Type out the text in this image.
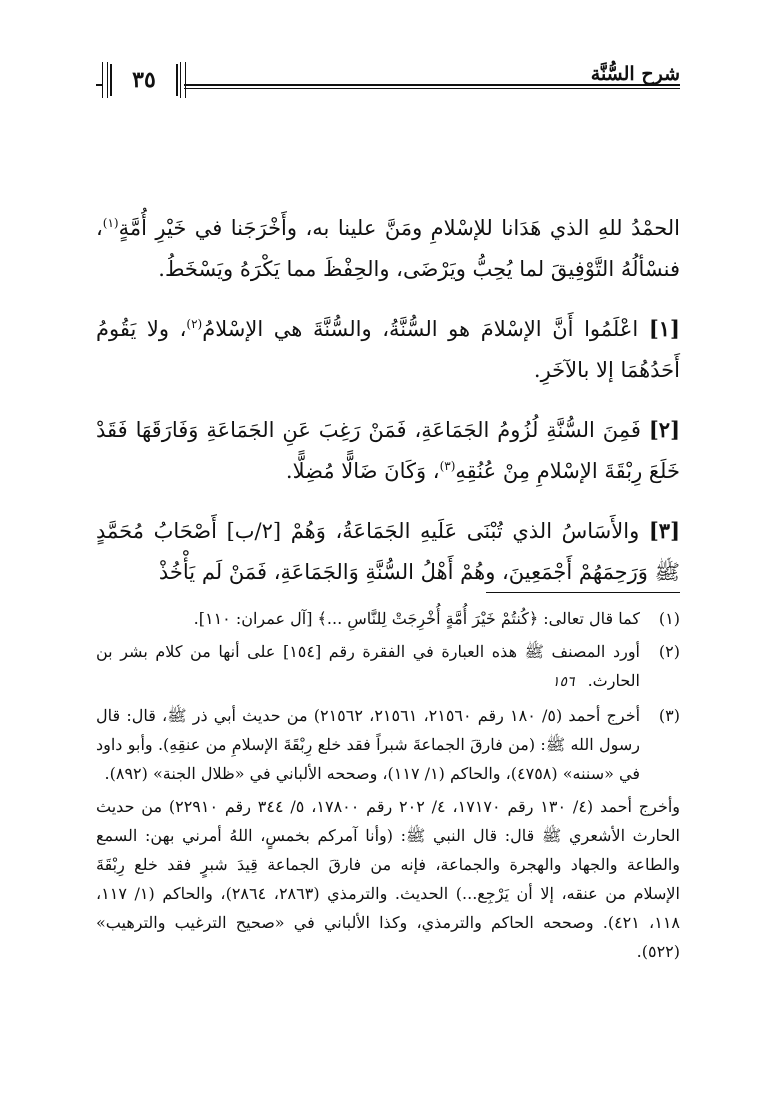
شرح السُّنَّة
٣٥

الحمْدُ للهِ الذي هَدَانا للإسْلامِ ومَنَّ علينا به، وأَخْرَجَنا في خَيْرِ أُمَّةٍ$^{(١)}$، فنسْألُهُ التَّوْفِيقَ لما يُحِبُّ ويَرْضَى، والحِفْظَ مما يَكْرَهُ ويَسْخَطُ.

[١] اعْلَمُوا أَنَّ الإسْلامَ هو السُّنَّةُ، والسُّنَّةَ هي الإسْلامُ$^{(٢)}$، ولا يَقُومُ أَحَدُهُمَا إلا بالآخَرِ.

[٢] فَمِنَ السُّنَّةِ لُزُومُ الجَمَاعَةِ، فَمَنْ رَغِبَ عَنِ الجَمَاعَةِ وَفَارَقَهَا فَقَدْ خَلَعَ رِبْقَةَ الإسْلامِ مِنْ عُنُقِهِ$^{(٣)}$، وَكَانَ ضَالًّا مُضِلًّا.

[٣] والأَسَاسُ الذي تُبْنَى عَلَيهِ الجَمَاعَةُ، وَهُمْ [٢/ب] أَصْحَابُ مُحَمَّدٍ ﷺ وَرَحِمَهُمْ أَجْمَعِينَ، وهُمْ أَهْلُ السُّنَّةِ وَالجَمَاعَةِ، فَمَنْ لَم يَأْخُذْ

(١)
كما قال تعالى: ﴿كُنتُمْ خَيْرَ أُمَّةٍ أُخْرِجَتْ لِلنَّاسِ ...﴾ [آل عمران: ١١٠].
(٢)
أورد المصنف ﷺ هذه العبارة في الفقرة رقم [١٥٤] على أنها من كلام بشر بن الحارث. ١٥٦
(٣)
أخرج أحمد (٥/ ١٨٠ رقم ٢١٥٦٠، ٢١٥٦١، ٢١٥٦٢) من حديث أبي ذر ﷺ، قال: قال رسول الله ﷺ: (من فارقَ الجماعةَ شبراً فقد خلع رِبْقَةَ الإسلامِ من عنقِهِ). وأبو داود في «سننه» (٤٧٥٨)، والحاكم (١/ ١١٧)، وصححه الألباني في «ظلال الجنة» (٨٩٢).
وأخرج أحمد (٤/ ١٣٠ رقم ١٧١٧٠، ٤/ ٢٠٢ رقم ١٧٨٠٠، ٥/ ٣٤٤ رقم ٢٢٩١٠) من حديث الحارث الأشعري ﷺ قال: قال النبي ﷺ: (وأنا آمركم بخمسٍ، اللهُ أمرني بهن: السمع والطاعة والجهاد والهجرة والجماعة، فإنه من فارقَ الجماعة قِيدَ شبرٍ فقد خلع رِبْقَةَ الإسلام من عنقه، إلا أن يَرْجِع...) الحديث. والترمذي (٢٨٦٣، ٢٨٦٤)، والحاكم (١/ ١١٧، ١١٨، ٤٢١). وصححه الحاكم والترمذي، وكذا الألباني في «صحيح الترغيب والترهيب» (٥٢٢).
